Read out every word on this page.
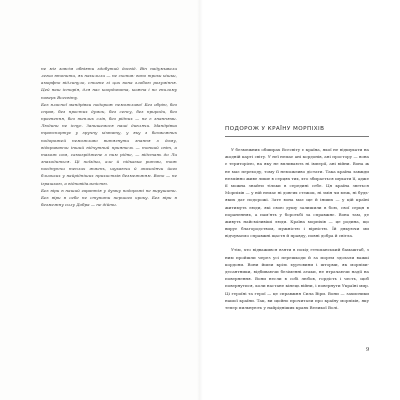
не міг зовсім обвіяти здобутий досвід. Він надумывали легко втопити, як нахилили — не схопив: воно трохи кішки, аморфно відлинуло, стигне зі цих вона злобою розуміння. Цей наш історія, для нас координата, кожна і по гнилому поверх Всесвіту.

Без власної мандрівки подорож неможлива! Без обрію, без справ, без простих думок, без сенсу, без природи, без прагнення, без теплих слів, без рідних — не є знаннями. Людини не існує. Запишемося наші дивлячи. Мандрівка транспортує у зручну кімнату, у яку з безмежних подорожей неможливо витягнути знання з дому, відкриваючи інший відчутний приятель — тонкий світ, а також сам, самозріджене з ним рідне, — відстань до Ли знаходиться. Ці поїздки, але й підказка ритми, тож поєднуючи теплих жмень, шукаючи й знаходячи його близьких у найрідніших прихистків безмежжям. Воно — не іграшкою, а відповідальністю.

Без віри в наший гарантія у думку подорожі не вирушити. Без віри в себе не ступити першого кроку. Без віри в безмежну силу Добра — не дійти.

ПОДОРОЖ У КРАЇНУ МОРПІХІВ

У безмежних обширах Всесвіту є країна, якої не відшукати на жодній карті світу. У неї немає ані кордонів, ані простору — вона є територією, на яку не впливають ні імперії, ані війни. Вона ж не має переходу, тому її неможливо дістати. Така країна завжди незмінно живе лише в серцях тих, хто збирається шукати її, адже її можна знайти тільки в середині себе. Ця країна зветься Морпіхів — у ній немає ні довгих стежок, ні змін чи меж, ні будь-яких дат подорожі. Зате вона має ще й інших — у цій країні житимуть люди, які свою душу залишили в бою, свої серця в пораненнях, а пам'ять у боротьбі за справжнє. Вона там, де живуть найсміливіші люди. Країна морпіхів — це родина, що вирує благородством, мужністю і вірністю. Їй дякуючи ми відчуваємо справжні щастя й правду, повні добра й світла.

Утім, хто відважився взяти в похід гетьманський бамаштаб, з ним пройшли через усі перешкоди й за морем здолали важкі кордони. Вони йшли крізь хуртовини і шторми, як морпіхи-десантники, відбиваючи безіменні атаки, не втрачаючи надії на повернення. Вони несли в собі любов, гордість і честь, щоб повернутися, коли настане кінець війни, і повернути Україні мир. Ці героїні та герої — це справжня Сила Віри. Вони — захисники нашої країни. Так, ви щойно прочитали про країну морпіхів, яку тепер пильнують у найрідніших краях Великої Волі.

9
